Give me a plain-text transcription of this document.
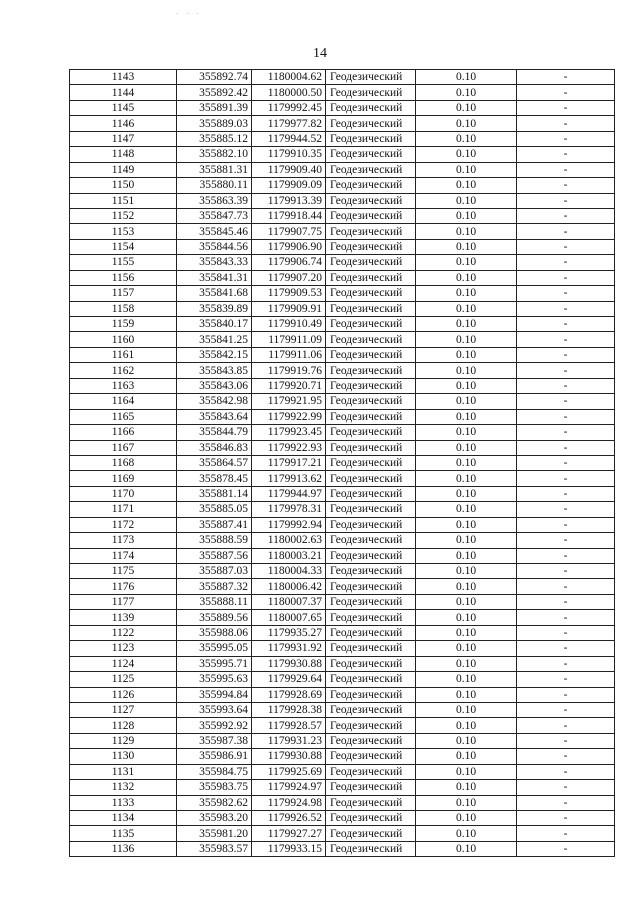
· · ·
14
1143	355892.74	1180004.62	Геодезический	0.10	-
1144	355892.42	1180000.50	Геодезический	0.10	-
1145	355891.39	1179992.45	Геодезический	0.10	-
1146	355889.03	1179977.82	Геодезический	0.10	-
1147	355885.12	1179944.52	Геодезический	0.10	-
1148	355882.10	1179910.35	Геодезический	0.10	-
1149	355881.31	1179909.40	Геодезический	0.10	-
1150	355880.11	1179909.09	Геодезический	0.10	-
1151	355863.39	1179913.39	Геодезический	0.10	-
1152	355847.73	1179918.44	Геодезический	0.10	-
1153	355845.46	1179907.75	Геодезический	0.10	-
1154	355844.56	1179906.90	Геодезический	0.10	-
1155	355843.33	1179906.74	Геодезический	0.10	-
1156	355841.31	1179907.20	Геодезический	0.10	-
1157	355841.68	1179909.53	Геодезический	0.10	-
1158	355839.89	1179909.91	Геодезический	0.10	-
1159	355840.17	1179910.49	Геодезический	0.10	-
1160	355841.25	1179911.09	Геодезический	0.10	-
1161	355842.15	1179911.06	Геодезический	0.10	-
1162	355843.85	1179919.76	Геодезический	0.10	-
1163	355843.06	1179920.71	Геодезический	0.10	-
1164	355842.98	1179921.95	Геодезический	0.10	-
1165	355843.64	1179922.99	Геодезический	0.10	-
1166	355844.79	1179923.45	Геодезический	0.10	-
1167	355846.83	1179922.93	Геодезический	0.10	-
1168	355864.57	1179917.21	Геодезический	0.10	-
1169	355878.45	1179913.62	Геодезический	0.10	-
1170	355881.14	1179944.97	Геодезический	0.10	-
1171	355885.05	1179978.31	Геодезический	0.10	-
1172	355887.41	1179992.94	Геодезический	0.10	-
1173	355888.59	1180002.63	Геодезический	0.10	-
1174	355887.56	1180003.21	Геодезический	0.10	-
1175	355887.03	1180004.33	Геодезический	0.10	-
1176	355887.32	1180006.42	Геодезический	0.10	-
1177	355888.11	1180007.37	Геодезический	0.10	-
1139	355889.56	1180007.65	Геодезический	0.10	-
1122	355988.06	1179935.27	Геодезический	0.10	-
1123	355995.05	1179931.92	Геодезический	0.10	-
1124	355995.71	1179930.88	Геодезический	0.10	-
1125	355995.63	1179929.64	Геодезический	0.10	-
1126	355994.84	1179928.69	Геодезический	0.10	-
1127	355993.64	1179928.38	Геодезический	0.10	-
1128	355992.92	1179928.57	Геодезический	0.10	-
1129	355987.38	1179931.23	Геодезический	0.10	-
1130	355986.91	1179930.88	Геодезический	0.10	-
1131	355984.75	1179925.69	Геодезический	0.10	-
1132	355983.75	1179924.97	Геодезический	0.10	-
1133	355982.62	1179924.98	Геодезический	0.10	-
1134	355983.20	1179926.52	Геодезический	0.10	-
1135	355981.20	1179927.27	Геодезический	0.10	-
1136	355983.57	1179933.15	Геодезический	0.10	-
